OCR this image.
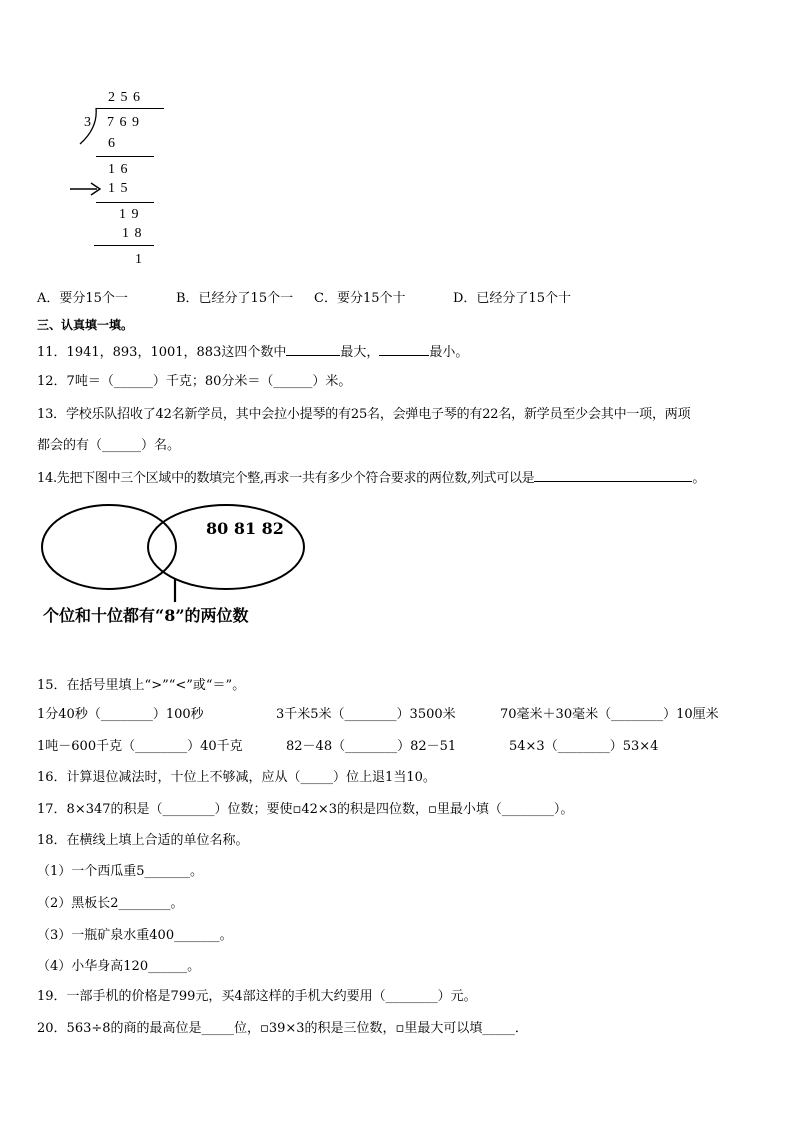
2 5 6
3 7 6 9
6
1 6
1 5
1 9
1 8
1
A．要分15个一	B．已经分了15个一 C．要分15个十	D．已经分了15个十
三、认真填一填。
11．1941，893，1001，883这四个数中	最大，	最小。
12．7吨＝（______）千克；80分米＝（______）米。
13．学校乐队招收了42名新学员，其中会拉小提琴的有25名，会弹电子琴的有22名，新学员至少会其中一项，两项
都会的有（______）名。
14.先把下图中三个区域中的数填完个整,再求一共有多少个符合要求的两位数,列式可以是	。
80 81 82
个位和十位都有“8”的两位数
15．在括号里填上“>”“<”或“＝”。
1分40秒（________）100秒	3千米5米（________）3500米	70毫米＋30毫米（________）10厘米
1吨－600千克（________）40千克	82－48（________）82－51	54×3（________）53×4
16．计算退位减法时，十位上不够减，应从（_____）位上退1当10。
17．8×347的积是（________）位数；要使▫42×3的积是四位数，▫里最小填（________）。
18．在横线上填上合适的单位名称。
（1）一个西瓜重5_______。
（2）黑板长2________。
（3）一瓶矿泉水重400_______。
（4）小华身高120______。
19．一部手机的价格是799元，买4部这样的手机大约要用（________）元。
20．563÷8的商的最高位是_____位，▫39×3的积是三位数，▫里最大可以填_____．
